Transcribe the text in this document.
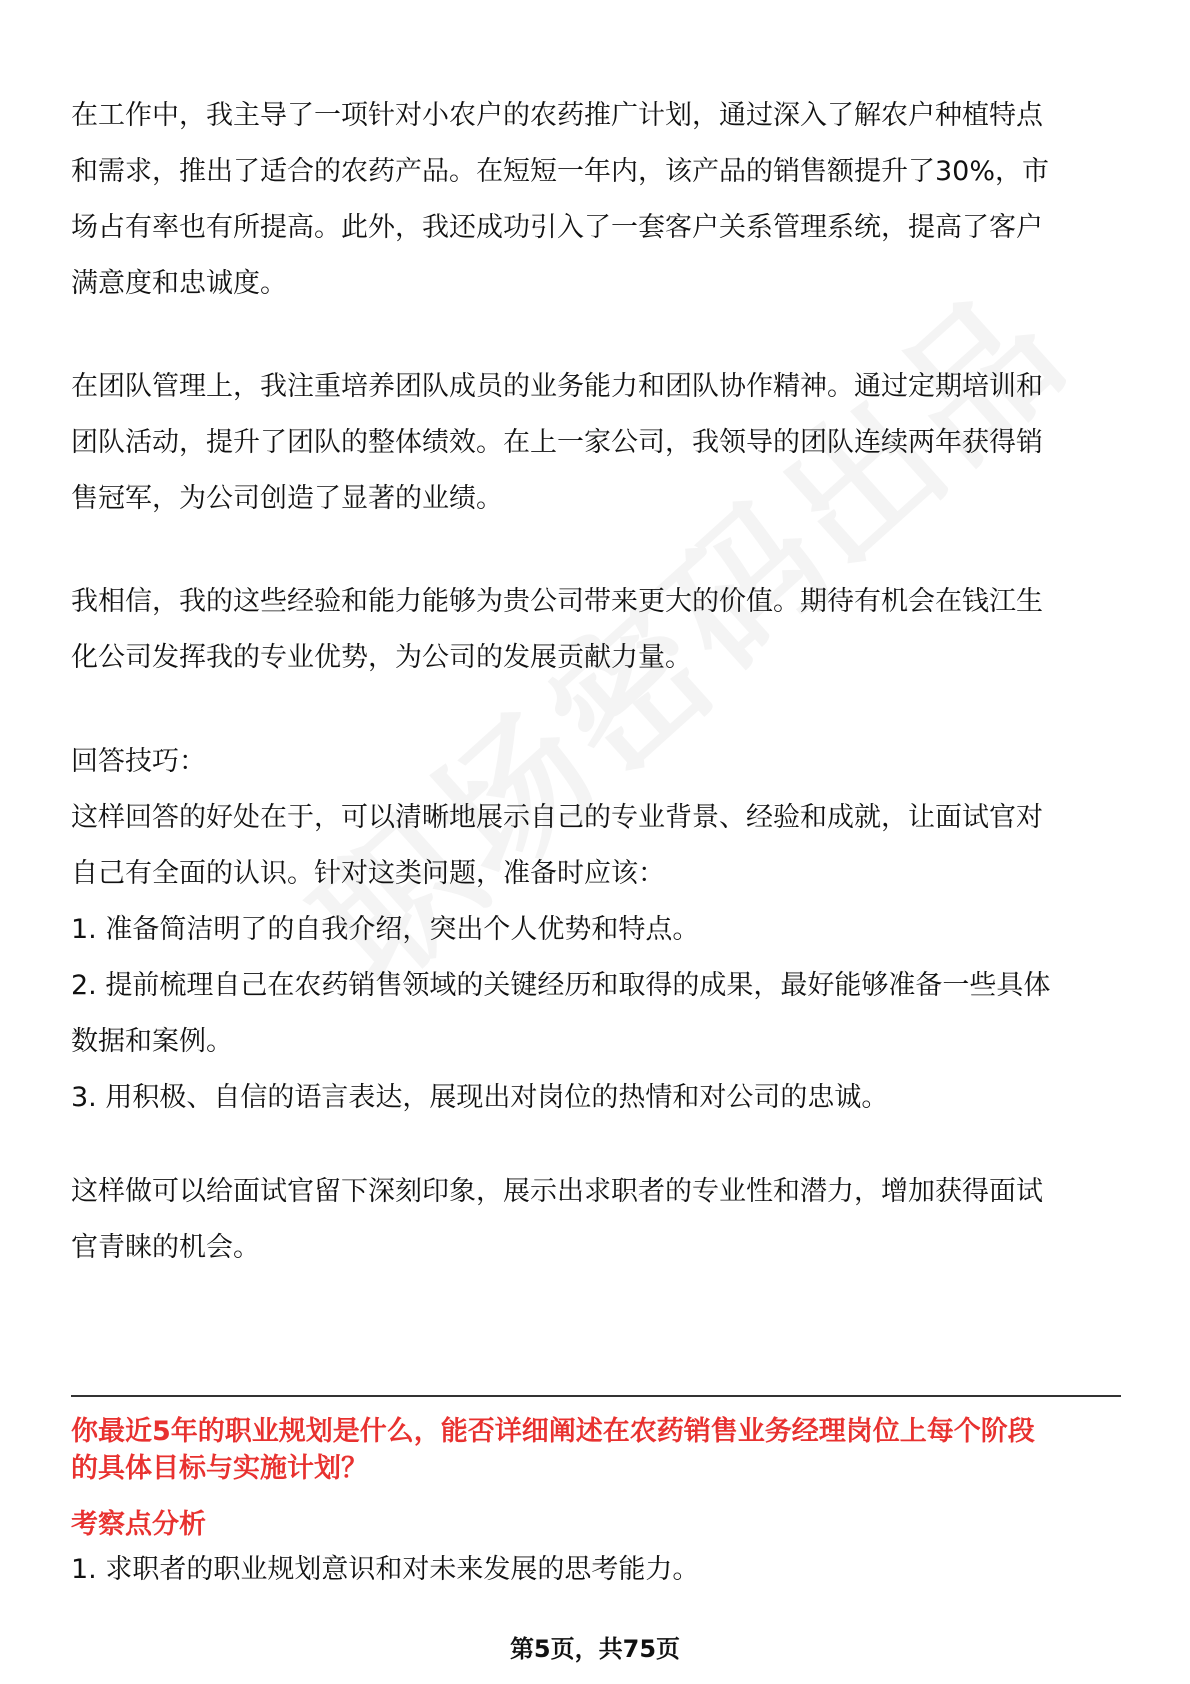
在工作中，我主导了一项针对小农户的农药推广计划，通过深入了解农户种植特点
和需求，推出了适合的农药产品。在短短一年内，该产品的销售额提升了30%，市
场占有率也有所提高。此外，我还成功引入了一套客户关系管理系统，提高了客户
满意度和忠诚度。
在团队管理上，我注重培养团队成员的业务能力和团队协作精神。通过定期培训和
团队活动，提升了团队的整体绩效。在上一家公司，我领导的团队连续两年获得销
售冠军，为公司创造了显著的业绩。
我相信，我的这些经验和能力能够为贵公司带来更大的价值。期待有机会在钱江生
化公司发挥我的专业优势，为公司的发展贡献力量。
回答技巧：
这样回答的好处在于，可以清晰地展示自己的专业背景、经验和成就，让面试官对
自己有全面的认识。针对这类问题，准备时应该：
1. 准备简洁明了的自我介绍，突出个人优势和特点。
2. 提前梳理自己在农药销售领域的关键经历和取得的成果，最好能够准备一些具体
数据和案例。
3. 用积极、自信的语言表达，展现出对岗位的热情和对公司的忠诚。
这样做可以给面试官留下深刻印象，展示出求职者的专业性和潜力，增加获得面试
官青睐的机会。
你最近5年的职业规划是什么，能否详细阐述在农药销售业务经理岗位上每个阶段
的具体目标与实施计划？
考察点分析
1. 求职者的职业规划意识和对未来发展的思考能力。
第5页，共75页
